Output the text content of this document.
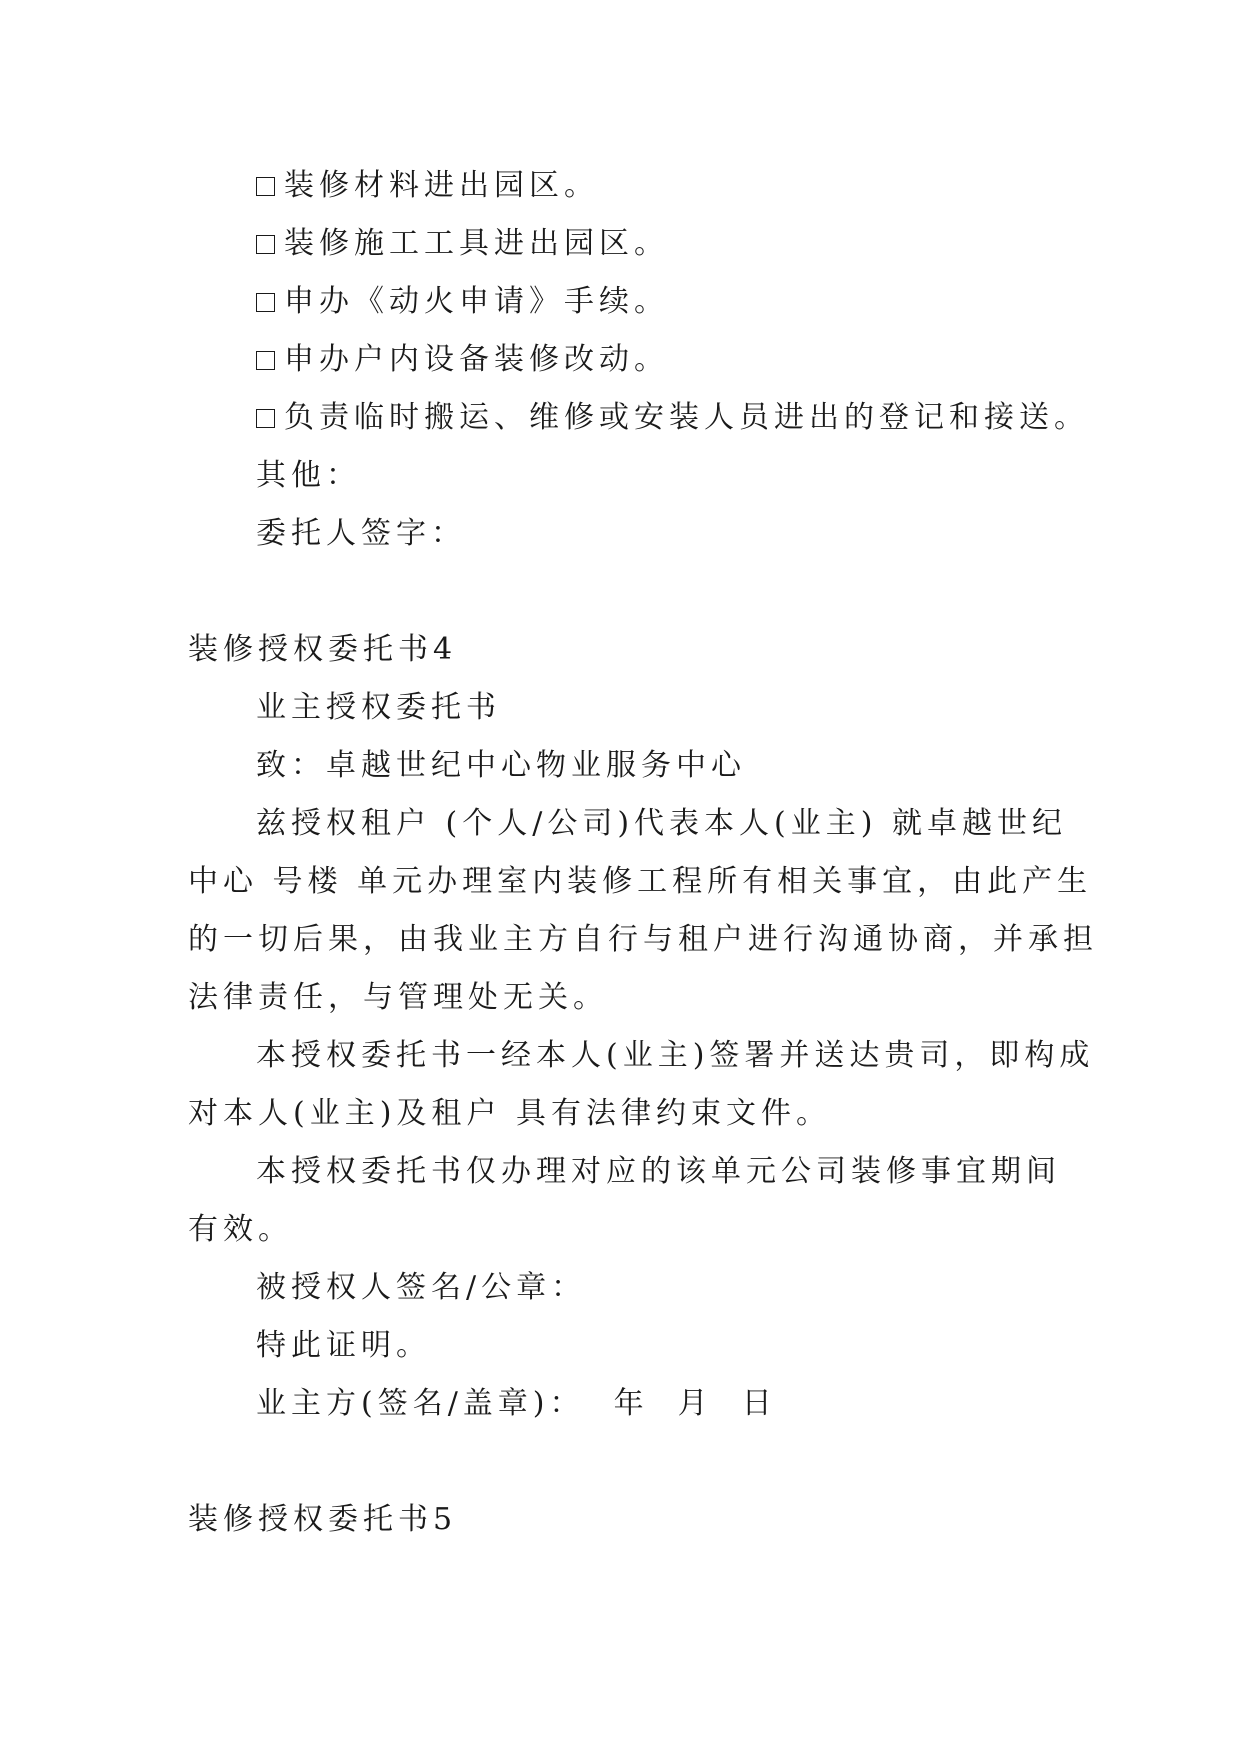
装修材料进出园区。
装修施工工具进出园区。
申办《动火申请》手续。
申办户内设备装修改动。
负责临时搬运、维修或安装人员进出的登记和接送。
其他：
委托人签字：
装修授权委托书4
业主授权委托书
致：卓越世纪中心物业服务中心
兹授权租户 (个人/公司)代表本人(业主) 就卓越世纪
中心 号楼 单元办理室内装修工程所有相关事宜，由此产生
的一切后果，由我业主方自行与租户进行沟通协商，并承担
法律责任，与管理处无关。
本授权委托书一经本人(业主)签署并送达贵司，即构成
对本人(业主)及租户 具有法律约束文件。
本授权委托书仅办理对应的该单元公司装修事宜期间
有效。
被授权人签名/公章：
特此证明。
业主方(签名/盖章)：  年  月  日
装修授权委托书5
